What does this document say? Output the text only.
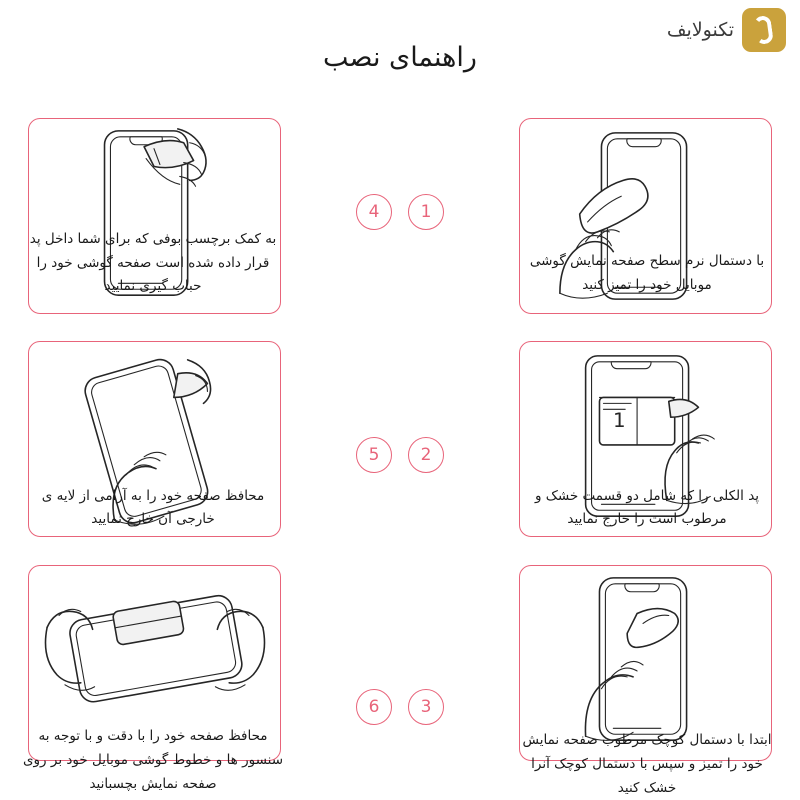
تکنولایف
راهنمای نصب
1
با دستمال نرم سطح صفحه نمایش گوشی موبایل خود را تمیز کنید
4
به کمک برچسب بوفی که برای شما داخل پد قرار داده شده است صفحه گوشی خود را حباب گیری نمایید
1
2
پد الکلی را که شامل دو قسمت خشک و مرطوب است را خارج نمایید
5
محافظ صفحه خود را به آرامی از لایه ی خارجی آن خارج نمایید
3
ابتدا با دستمال کوچک مرطوب صفحه نمایش خود را تمیز و سپس با دستمال کوچک آنرا خشک کنید
6
محافظ صفحه خود را با دقت و با توجه به سنسور ها و خطوط گوشی موبایل خود بر روی صفحه نمایش بچسبانید
